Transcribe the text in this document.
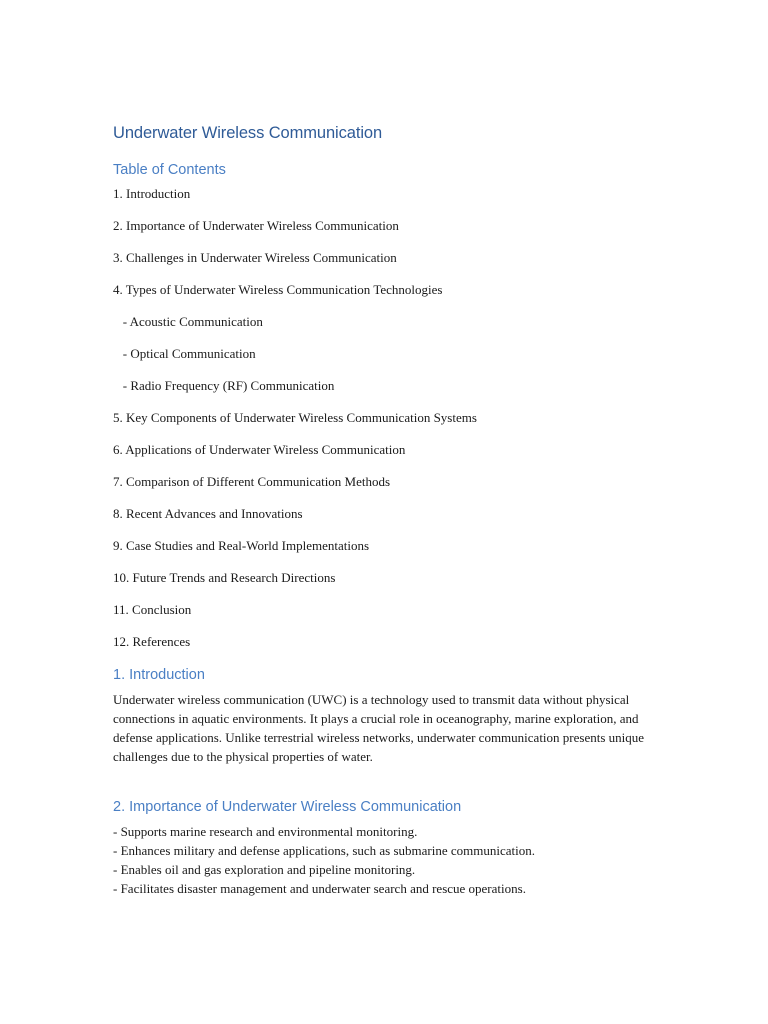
Underwater Wireless Communication
Table of Contents
1. Introduction
2. Importance of Underwater Wireless Communication
3. Challenges in Underwater Wireless Communication
4. Types of Underwater Wireless Communication Technologies
- Acoustic Communication
- Optical Communication
- Radio Frequency (RF) Communication
5. Key Components of Underwater Wireless Communication Systems
6. Applications of Underwater Wireless Communication
7. Comparison of Different Communication Methods
8. Recent Advances and Innovations
9. Case Studies and Real-World Implementations
10. Future Trends and Research Directions
11. Conclusion
12. References
1. Introduction

Underwater wireless communication (UWC) is a technology used to transmit data without physical connections in aquatic environments. It plays a crucial role in oceanography, marine exploration, and defense applications. Unlike terrestrial wireless networks, underwater communication presents unique challenges due to the physical properties of water.

2. Importance of Underwater Wireless Communication
- Supports marine research and environmental monitoring.
- Enhances military and defense applications, such as submarine communication.
- Enables oil and gas exploration and pipeline monitoring.
- Facilitates disaster management and underwater search and rescue operations.
